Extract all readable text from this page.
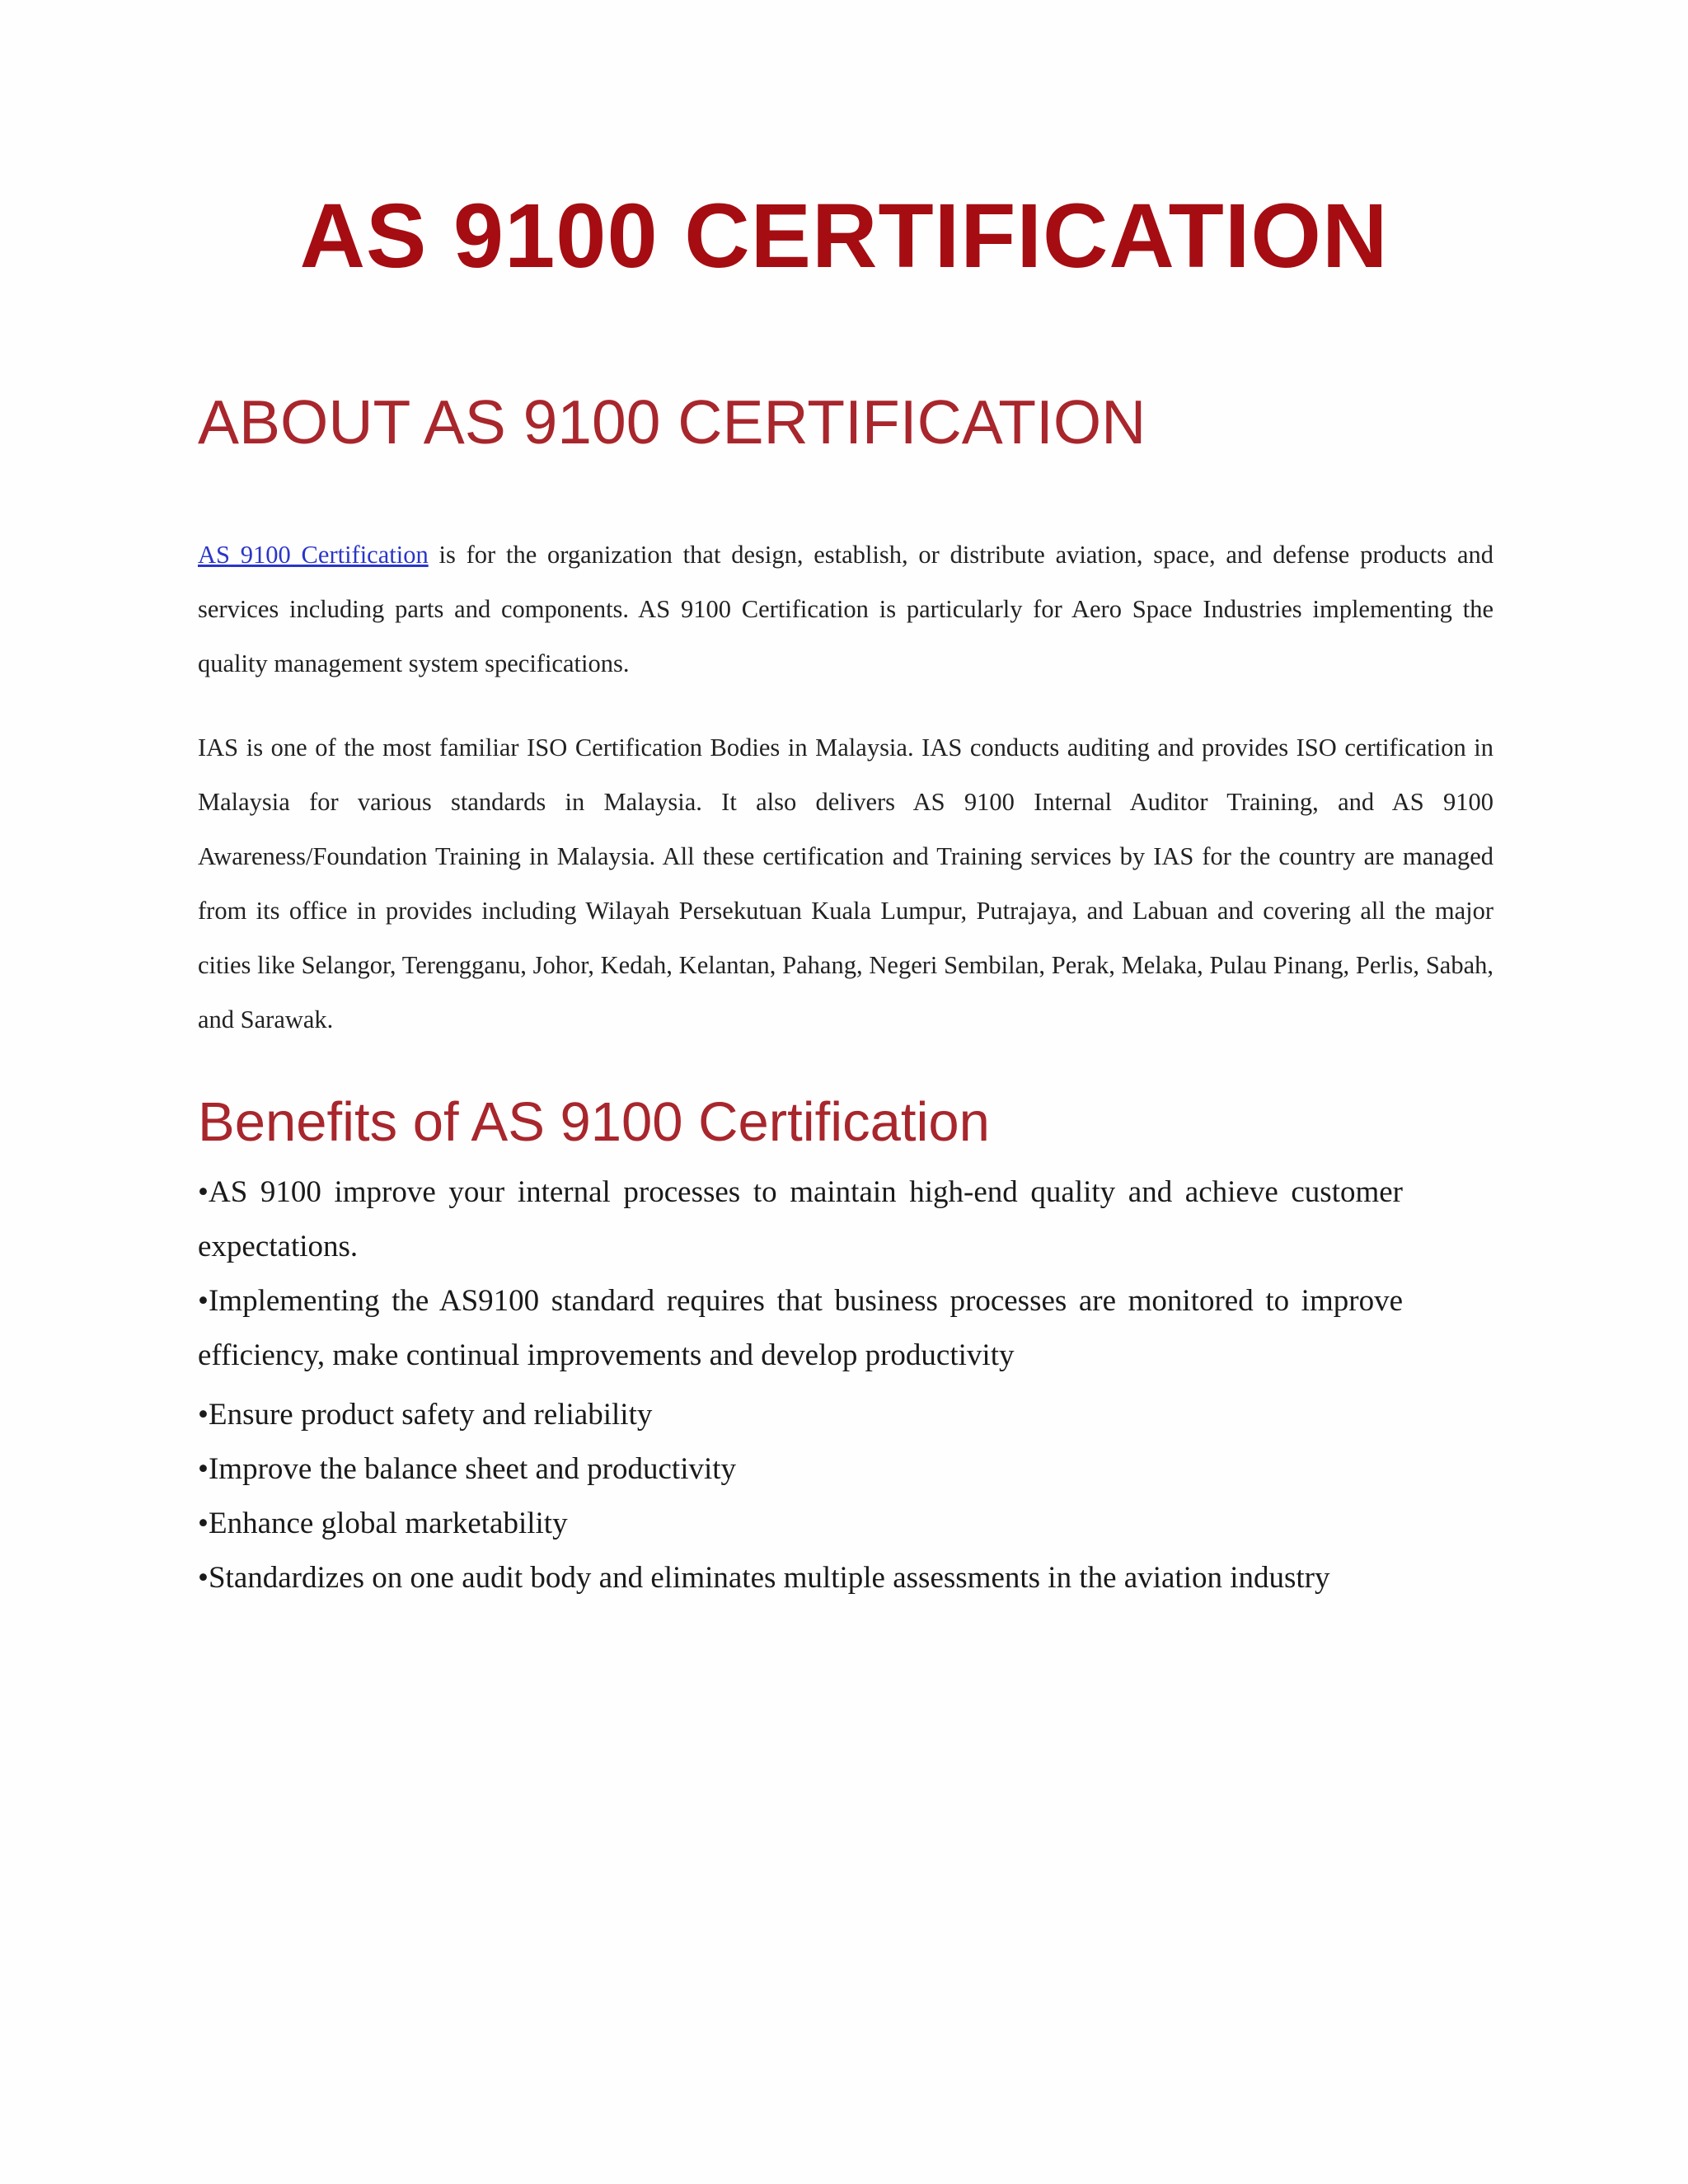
AS 9100 CERTIFICATION
ABOUT AS 9100 CERTIFICATION

AS 9100 Certification is for the organization that design, establish, or distribute aviation, space, and defense products and services including parts and components. AS 9100 Certification is particularly for Aero Space Industries implementing the quality management system specifications.

IAS is one of the most familiar ISO Certification Bodies in Malaysia. IAS conducts auditing and provides ISO certification in Malaysia for various standards in Malaysia. It also delivers AS 9100 Internal Auditor Training, and AS 9100 Awareness/Foundation Training in Malaysia. All these certification and Training services by IAS for the country are managed from its office in provides including Wilayah Persekutuan Kuala Lumpur, Putrajaya, and Labuan and covering all the major cities like Selangor, Terengganu, Johor, Kedah, Kelantan, Pahang, Negeri Sembilan, Perak, Melaka, Pulau Pinang, Perlis, Sabah, and Sarawak.

Benefits of AS 9100 Certification
•AS 9100 improve your internal processes to maintain high-end quality and achieve customer expectations.
•Implementing the AS9100 standard requires that business processes are monitored to improve efficiency, make continual improvements and develop productivity
•Ensure product safety and reliability
•Improve the balance sheet and productivity
•Enhance global marketability
•Standardizes on one audit body and eliminates multiple assessments in the aviation industry
